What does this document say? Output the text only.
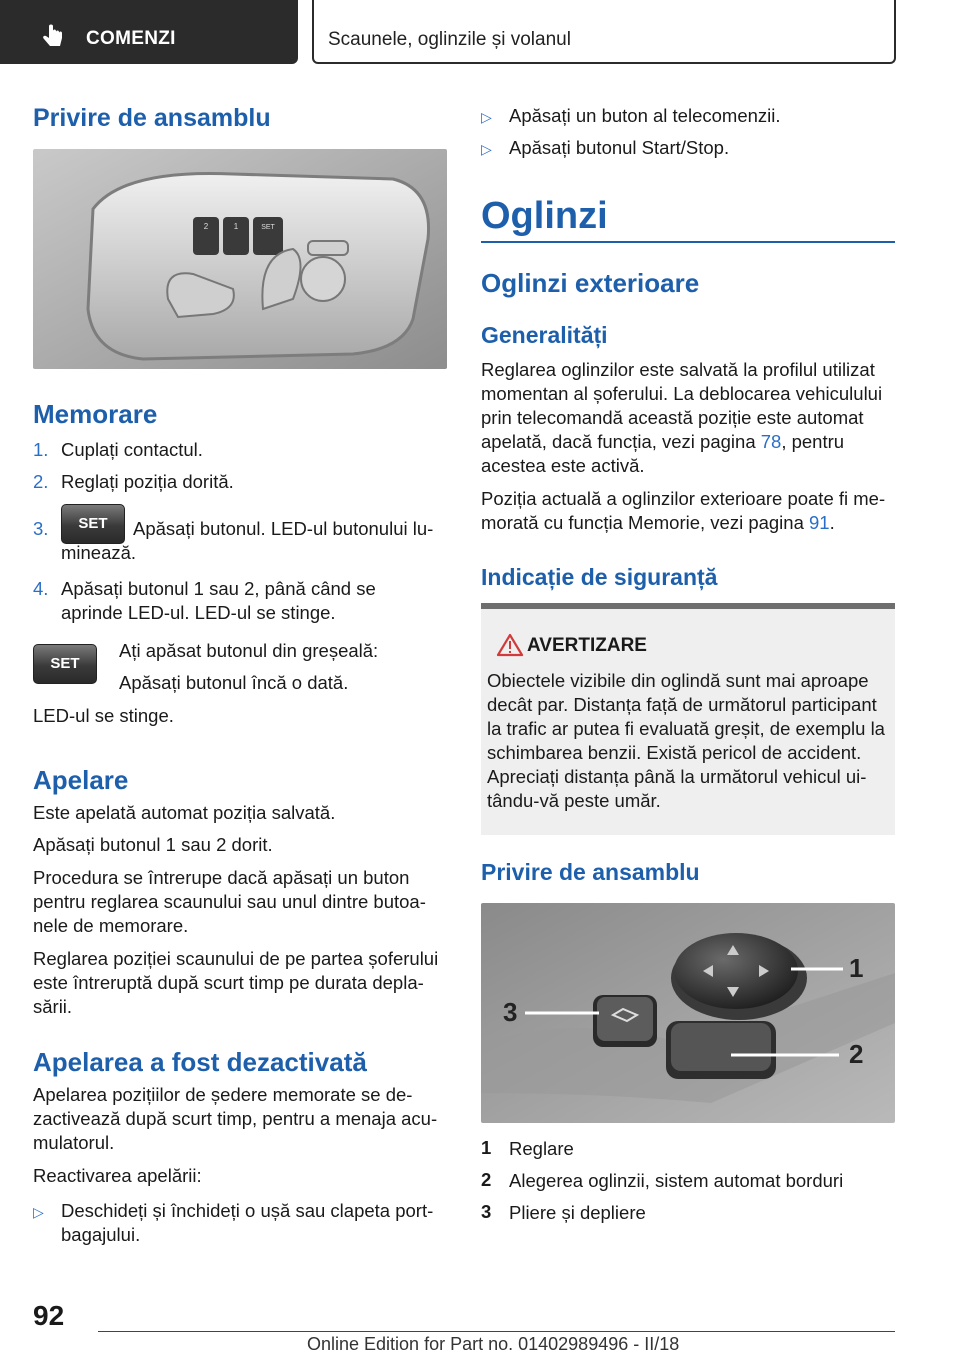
COMENZI	Scaunele, oglinzile și volanul
Privire de ansamblu
2	1	SET
Memorare
1. Cuplați contactul.
2. Reglați poziția dorită.
3.	SET	Apăsați butonul. LED-ul butonului lu-
minează.
4. Apăsați butonul 1 sau 2, până când se
aprinde LED-ul. LED-ul se stinge.
SET
Ați apăsat butonul din greșeală:
Apăsați butonul încă o dată.
LED-ul se stinge.
Apelare
Este apelată automat poziția salvată.
Apăsați butonul 1 sau 2 dorit.
Procedura se întrerupe dacă apăsați un buton
pentru reglarea scaunului sau unul dintre butoa-
nele de memorare.
Reglarea poziției scaunului de pe partea șoferului
este întreruptă după scurt timp pe durata depla-
sării.
Apelarea a fost dezactivată
Apelarea pozițiilor de ședere memorate se de-
zactivează după scurt timp, pentru a menaja acu-
mulatorul.
Reactivarea apelării:
▷ Deschideți și închideți o ușă sau clapeta port-
bagajului.
▷ Apăsați un buton al telecomenzii.
▷ Apăsați butonul Start/Stop.
Oglinzi
Oglinzi exterioare
Generalități
Reglarea oglinzilor este salvată la profilul utilizat
momentan al șoferului. La deblocarea vehiculului
prin telecomandă această poziție este automat
apelată, dacă funcția, vezi pagina 78, pentru
acestea este activă.
Poziția actuală a oglinzilor exterioare poate fi me-
morată cu funcția Memorie, vezi pagina 91.
Indicație de siguranță
AVERTIZARE
Obiectele vizibile din oglindă sunt mai aproape
decât par. Distanța față de următorul participant
la trafic ar putea fi evaluată greșit, de exemplu la
schimbarea benzii. Există pericol de accident.
Apreciați distanța până la următorul vehicul ui-
tându-vă peste umăr.
Privire de ansamblu
1
2
3
1 Reglare
2 Alegerea oglinzii, sistem automat borduri
3 Pliere și depliere
92
Online Edition for Part no. 01402989496 - II/18
